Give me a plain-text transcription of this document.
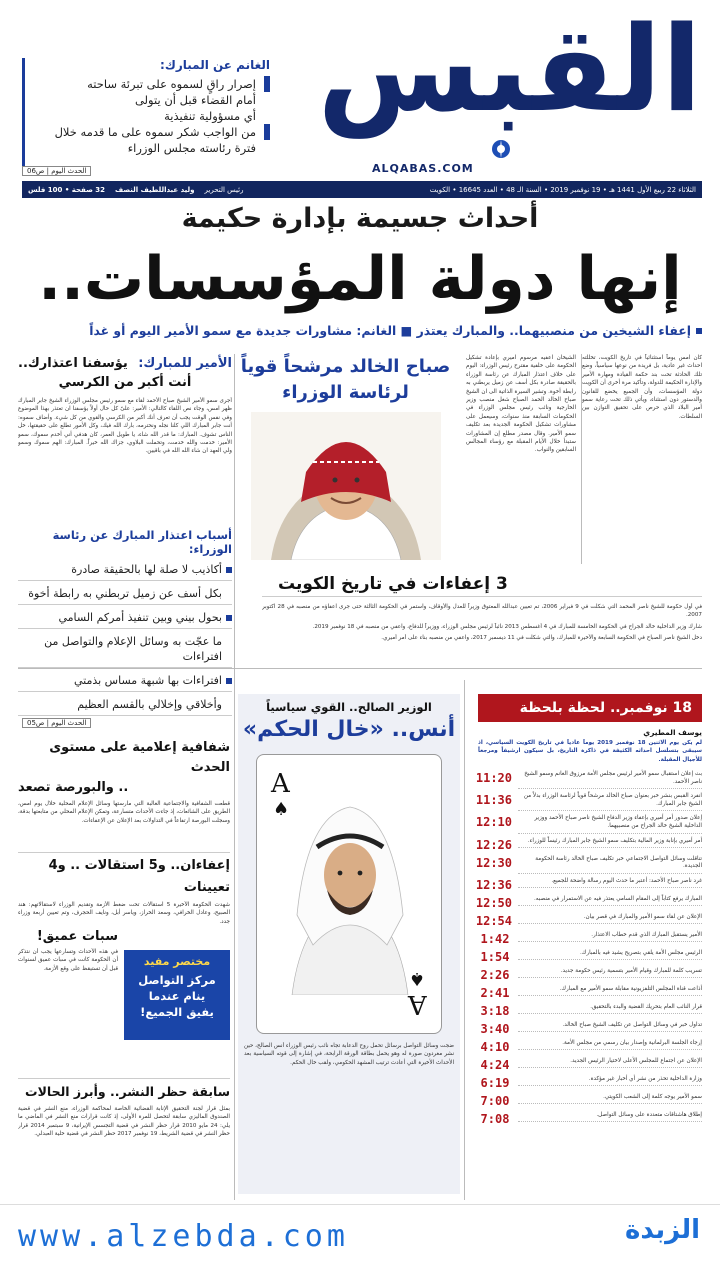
القبس
ALQABAS.COM
الغانم عن المبارك:
إصرار راقٍ لسموه على تبرئة ساحته
أمام القضاء قبل أن يتولى
أي مسؤولية تنفيذية
من الواجب شكر سموه على ما قدمه خلال
فترة رئاسته مجلس الوزراء
الحدث اليوم | ص06
الثلاثاء 22 ربيع الأول 1441 هـ • 19 نوفمبر 2019 • السنة الـ 48 • العدد 16645 • الكويت
رئيس التحرير
وليد عبداللطيف النصف
32 صفحة • 100 فلس
أحداث جسيمة بإدارة حكيمة
إنها دولة المؤسسات..
إعفاء الشيخين من منصبيهما.. والمبارك يعتذر ■ الغانم: مشاورات جديدة مع سمو الأمير اليوم أو غداً
كان امس يوماً استثنائياً في تاريخ الكويت، تخللته احداث غير عادية، بل فريدة من نوعها سياسياً، وضع تلك الحادثة تحت بند حكمة القيادة ومهارة الأمير والإدارة الحكيمة للدولة، وتأكيد مرة أخرى أن الكويت دولة المؤسسات، وأن الجميع يخضع للقانون والدستور دون استثناء، ويأتي ذلك تحت رعاية سمو أمير البلاد الذي حرص على تحقيق التوازن بين السلطات.
الشيخان اعفيه مرسوم اميري بإعادة تشكيل الحكومة على خلفية مقترح رئيس الوزراء: اليوم على خلاف اعتذار المبارك عن رئاسة الوزراء بالحقيقة صادرة بكل أسف عن زميل يربطني به رابطة أخوة. وتشير السيرة الذاتية الى ان الشيخ صباح الخالد الحمد الصباح شغل منصب وزير الخارجية ونائب رئيس مجلس الوزراء في الحكومات السابقة منذ سنوات، وسيعمل على مشاورات تشكيل الحكومة الجديدة بعد تكليف سمو الأمير. وقال مصدر مطلع إن المشاورات ستبدأ خلال الأيام المقبلة مع رؤساء المجالس السابقين والنواب.
صباح الخالد مرشحاً قوياً
لرئاسة الوزراء
الأمير للمبارك:
يؤسفنا اعتذارك..
أنت أكبر من الكرسي
أجرى سمو الأمير الشيخ صباح الأحمد لقاء مع سمو رئيس مجلس الوزراء الشيخ جابر المبارك ظهر امس، وجاء نص اللقاء كالتالي: الأمير: علىّ كل حال أولاً يؤسفنا ان تعتذر بهذا الموضوع وفي نفس الوقت يجب أن تعرف أنك أكبر من الكرسي والقوي من كل شيء. وأضاف سموه: أنت جابر المبارك اللي كلنا نجله ونحترمه، بارك الله فيك، وكل الأمور تطلع على حقيقتها، خل الناس تشوف. المبارك: ما قدر الله شاء، يا طويل العمر، كان هدفي أني أخدم سموك، سمو الأمير: خدمت والله خدمت، وتحملت البلاوي، جزاك الله خيراً. المبارك: الهم سموك وسمو ولي العهد ان شاء الله الله في باقيين.
أسباب اعتذار المبارك عن رئاسة الوزراء:
أكاذيب لا صلة لها بالحقيقة صادرة
بكل أسف عن زميل تربطني به رابطة أخوة
بحول بيني وبين تنفيذ أمركم السامي
ما عجّت به وسائل الإعلام والتواصل من افتراءات
افتراءات بها شبهة مساس بذمتي
وأخلاقي وإخلالي بالقسم العظيم
الحدث اليوم | ص05
3 إعفاءات في تاريخ الكويت
في أول حكومة للشيخ ناصر المحمد التي شكلت في 9 فبراير 2006، تم تعيين عبدالله المعتوق وزيراً للعدل والأوقاف، واستمر في الحكومة الثالثة حتى جرى اعفاؤه من منصبه في 28 اكتوبر 2007.
شارك وزير الداخلية خالد الجراح في الحكومة الخامسة للمبارك في 4 أغسطس 2013 نائباً لرئيس مجلس الوزراء، ووزيراً للدفاع، واعفي من منصبه في 18 نوفمبر 2019.
دخل الشيخ ناصر الصباح في الحكومة السابعة والأخيرة للمبارك، والتي شكلت في 11 ديسمبر 2017، واعفي من منصبه بناء على أمر أميري.
18 نوفمبر.. لحظة بلحظة
يوسف المطيري
لم يكن يوم الاثنين 18 نوفمبر 2019 يوماً عادياً في تاريخ الكويت السياسي، اذ سيبقى بتسلسل احداثه الكثيفة في ذاكرة التاريخ، بل سيكون ارشيفاً ومرجعاً للأجيال المقبلة.
بث إعلان استقبال سمو الأمير لرئيس مجلس الأمة مرزوق الغانم وسمو الشيخ ناصر الأحمد.
11:20
انفرد القبس بنشر خبر بعنوان صباح الخالد مرشحاً قوياً لرئاسة الوزراء بدلاً من الشيخ جابر المبارك.
11:36
إعلان صدور أمر أميري بإعفاء وزير الدفاع الشيخ ناصر صباح الأحمد ووزير الداخلية الشيخ خالد الجراح من منصبيهما.
12:10
أمر أميري بإنابة وزير المالية بتكليف سمو الشيخ جابر المبارك رئيساً للوزراء.
12:26
تناقلت وسائل التواصل الاجتماعي خبر تكليف صباح الخالد رئاسة الحكومة الجديدة.
12:30
غرد ناصر صباح الأحمد: أعتبر ما حدث اليوم رسالة واضحة للجميع.
12:36
المبارك يرفع كتاباً إلى المقام السامي يعتذر فيه عن الاستمرار في منصبه.
12:50
الإعلان عن لقاء سمو الأمير والمبارك في قصر بيان.
12:54
الأمير يستقبل المبارك الذي قدم خطاب الاعتذار.
1:42
الرئيس مجلس الأمة يلقي بتصريح يشيد فيه بالمبارك.
1:54
تسريب كلمة للمبارك وقيام الأمير بتسمية رئيس حكومة جديد.
2:26
أذاعت قناة المجلس التلفزيونية مقابلة سمو الأمير مع المبارك.
2:41
قرار النائب العام بتحريك القضية والبدء بالتحقيق.
3:18
تداول خبر في وسائل التواصل عن تكليف الشيخ صباح الخالد.
3:40
إرجاء الجلسة البرلمانية وإصدار بيان رسمي من مجلس الأمة.
4:10
الإعلان عن اجتماع للمجلس الأعلى لاختيار الرئيس الجديد.
4:24
وزارة الداخلية تحذر من نشر أي أخبار غير مؤكدة.
6:19
سمو الأمير يوجه كلمة إلى الشعب الكويتي.
7:00
إطلاق هاشتاقات متعددة على وسائل التواصل.
7:08
الوزير الصالح.. القوي سياسياً
أنس.. «خال الحكم»
A
♠
A
♠
ضجت وسائل التواصل برسائل تحمل روح الدعابة تجاه نائب رئيس الوزراء أنس الصالح، حين نشر مغردون صورة له وهو يحمل بطاقة الورقة الرابحة، في إشارة إلى قوته السياسية بعد الأحداث الأخيرة التي أعادت ترتيب المشهد الحكومي، ولقب خال الحكم.
شفافية إعلامية على مستوى الحدث
.. والبورصة تصعد
قطعت الشفافية والاجتماعية الغالبة التي مارستها وسائل الإعلام المحلية خلال يوم امس، الطريق على الشائعات، إذ جاءت الأحداث متسارعة، وتمكن الإعلام المحلي من متابعتها بدقة، وسجلت البورصة ارتفاعاً في التداولات بعد الإعلان عن الإعفاءات.
إعفاءان.. و5 استقالات .. و4 تعيينات
شهدت الحكومة الأخيرة 5 استقالات تحت ضغط الأزمة وتقديم الوزراء لاستقالاتهم: هند الصبيح، وعادل الخرافي، وسعد الخراز، وياسر أبل، ونايف الحجرف، وتم تعيين أربعة وزراء جدد.
سبات عميق!
في هذه الأحداث وتسارعها يجب أن نتذكر أن الحكومة كانت في سبات عميق لسنوات قبل أن تستيقظ على وقع الأزمة.
مختصر مفيد
مركز التواصل
ينام عندما
يفيق الجميع!
سابقة حظر النشر.. وأبرز الحالات
بمثل قرار لجنة التحقيق الإنابة القضائية الخاصة لمحاكمة الوزراء، منع النشر في قضية الصندوق الماليزي سابقة لتحصل للمرة الأولى، إذ كانت قرارات منع النشر في الماضي ما يلي: 24 مايو 2010 قرار حظر النشر في قضية التجسس الإيرانية، 9 سبتمبر 2014 قرار حظر النشر في قضية الشريط، 19 نوفمبر 2017 حظر النشر في قضية خلية العبدلي.
www.alzebda.com	الزبدة
